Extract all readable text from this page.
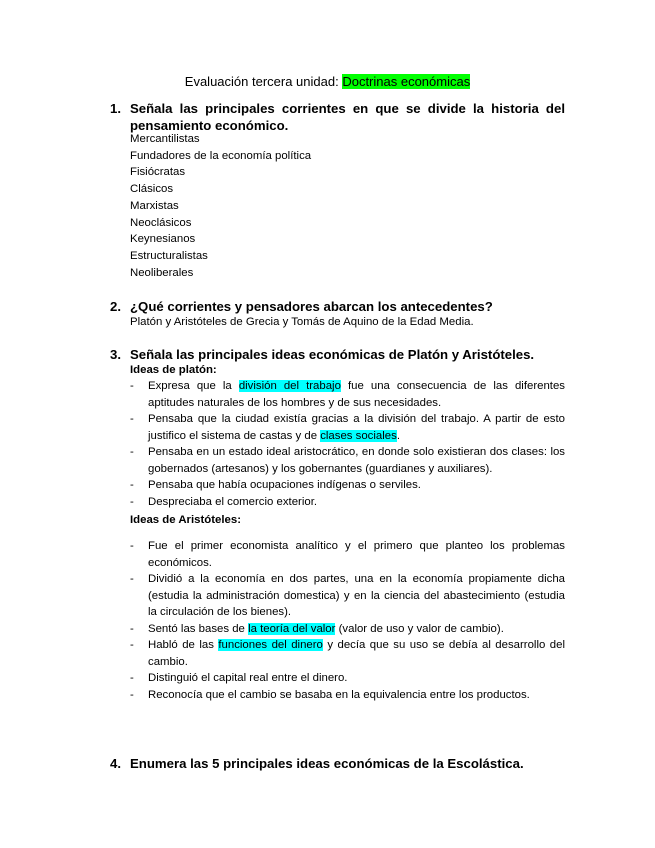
Evaluación tercera unidad: Doctrinas económicas
1. Señala las principales corrientes en que se divide la historia del pensamiento económico.
Mercantilistas
Fundadores de la economía política
Fisiócratas
Clásicos
Marxistas
Neoclásicos
Keynesianos
Estructuralistas
Neoliberales
2. ¿Qué corrientes y pensadores abarcan los antecedentes?
Platón y Aristóteles de Grecia y Tomás de Aquino de la Edad Media.
3. Señala las principales ideas económicas de Platón y Aristóteles.
Ideas de platón:
- Expresa que la división del trabajo fue una consecuencia de las diferentes aptitudes naturales de los hombres y de sus necesidades.
- Pensaba que la ciudad existía gracias a la división del trabajo. A partir de esto justifico el sistema de castas y de clases sociales.
- Pensaba en un estado ideal aristocrático, en donde solo existieran dos clases: los gobernados (artesanos) y los gobernantes (guardianes y auxiliares).
- Pensaba que había ocupaciones indígenas o serviles.
- Despreciaba el comercio exterior.
Ideas de Aristóteles:
- Fue el primer economista analítico y el primero que planteo los problemas económicos.
- Dividió a la economía en dos partes, una en la economía propiamente dicha (estudia la administración domestica) y en la ciencia del abastecimiento (estudia la circulación de los bienes).
- Sentó las bases de la teoría del valor (valor de uso y valor de cambio).
- Habló de las funciones del dinero y decía que su uso se debía al desarrollo del cambio.
- Distinguió el capital real entre el dinero.
- Reconocía que el cambio se basaba en la equivalencia entre los productos.
4. Enumera las 5 principales ideas económicas de la Escolástica.
